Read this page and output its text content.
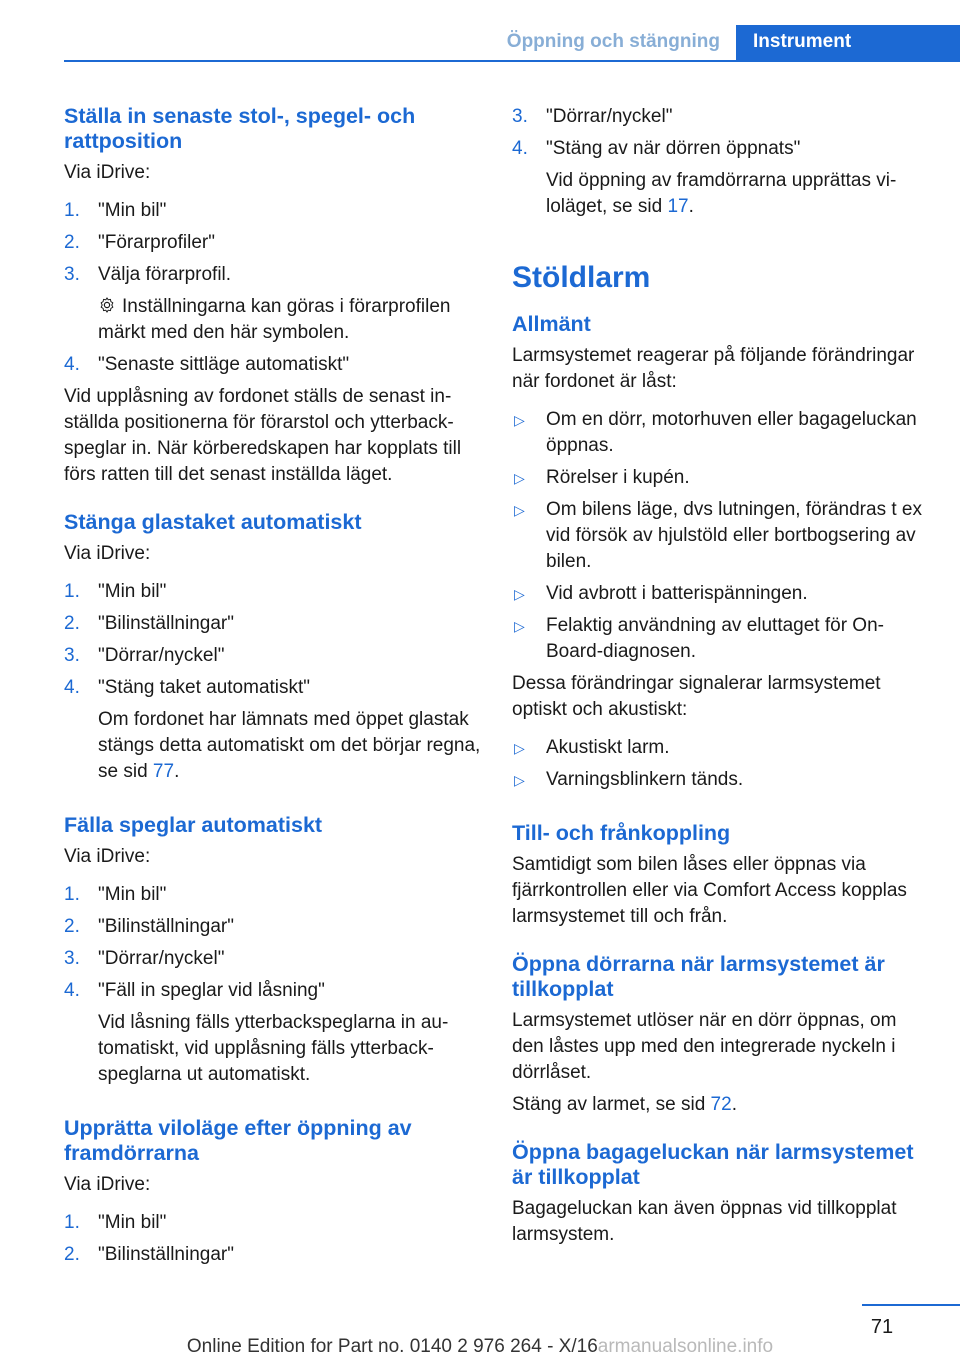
Öppning och stängning	Instrument
Ställa in senaste stol-, spegel- och rattposition

Via iDrive:

1. "Min bil"
2. "Förarprofiler"
3. Välja förarprofil.
Inställningarna kan göras i förarprofilen märkt med den här symbolen.
4. "Senaste sittläge automatiskt"

Vid upplåsning av fordonet ställs de senast inställda positionerna för förarstol och ytterbackspeglar in. När körberedskapen har kopplats till förs ratten till det senast inställda läget.

Stänga glastaket automatiskt

Via iDrive:

1. "Min bil"
2. "Bilinställningar"
3. "Dörrar/nyckel"
4. "Stäng taket automatiskt"
Om fordonet har lämnats med öppet glastak stängs detta automatiskt om det börjar regna, se sid 77.
Fälla speglar automatiskt

Via iDrive:

1. "Min bil"
2. "Bilinställningar"
3. "Dörrar/nyckel"
4. "Fäll in speglar vid låsning"
Vid låsning fälls ytterbackspeglarna in automatiskt, vid upplåsning fälls ytterbackspeglarna ut automatiskt.
Upprätta viloläge efter öppning av framdörrarna

Via iDrive:

1. "Min bil"
2. "Bilinställningar"
3. "Dörrar/nyckel"
4. "Stäng av när dörren öppnats"
Vid öppning av framdörrarna upprättas viloläget, se sid 17.
Stöldlarm
Allmänt

Larmsystemet reagerar på följande förändringar när fordonet är låst:

▷ Om en dörr, motorhuven eller bagageluckan öppnas.
▷ Rörelser i kupén.
▷ Om bilens läge, dvs lutningen, förändras t ex vid försök av hjulstöld eller bortbogsering av bilen.
▷ Vid avbrott i batterispänningen.
▷ Felaktig användning av eluttaget för On-Board-diagnosen.

Dessa förändringar signalerar larmsystemet optiskt och akustiskt:

▷ Akustiskt larm.
▷ Varningsblinkern tänds.
Till- och frånkoppling

Samtidigt som bilen låses eller öppnas via fjärrkontrollen eller via Comfort Access kopplas larmsystemet till och från.

Öppna dörrarna när larmsystemet är tillkopplat

Larmsystemet utlöser när en dörr öppnas, om den låstes upp med den integrerade nyckeln i dörrlåset.

Stäng av larmet, se sid 72.

Öppna bagageluckan när larmsystemet är tillkopplat

Bagageluckan kan även öppnas vid tillkopplat larmsystem.

71
Online Edition for Part no. 0140 2 976 264 - X/16armanualsonline.info
